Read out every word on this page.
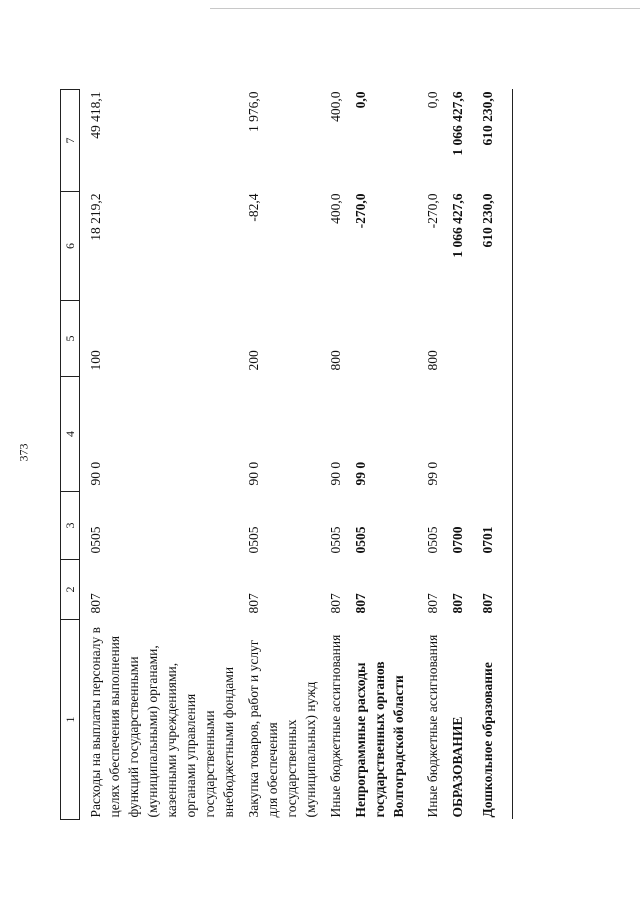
373
1	2	3	4	5	6	7
Расходы на выплаты персоналу в целях обеспечения выполнения функций государственными (муниципальными) органами, казенными учреждениями, органами управления государственными внебюджетными фондами	807	0505	90 0	100	18 219,2	49 418,1
Закупка товаров, работ и услуг для обеспечения государственных (муниципальных) нужд	807	0505	90 0	200	-82,4	1 976,0
Иные бюджетные ассигнования	807	0505	90 0	800	400,0	400,0
Непрограммные расходы государственных органов Волгоградской области	807	0505	99 0		-270,0	0,0
Иные бюджетные ассигнования	807	0505	99 0	800	-270,0	0,0
ОБРАЗОВАНИЕ	807	0700			1 066 427,6	1 066 427,6
Дошкольное образование	807	0701			610 230,0	610 230,0
